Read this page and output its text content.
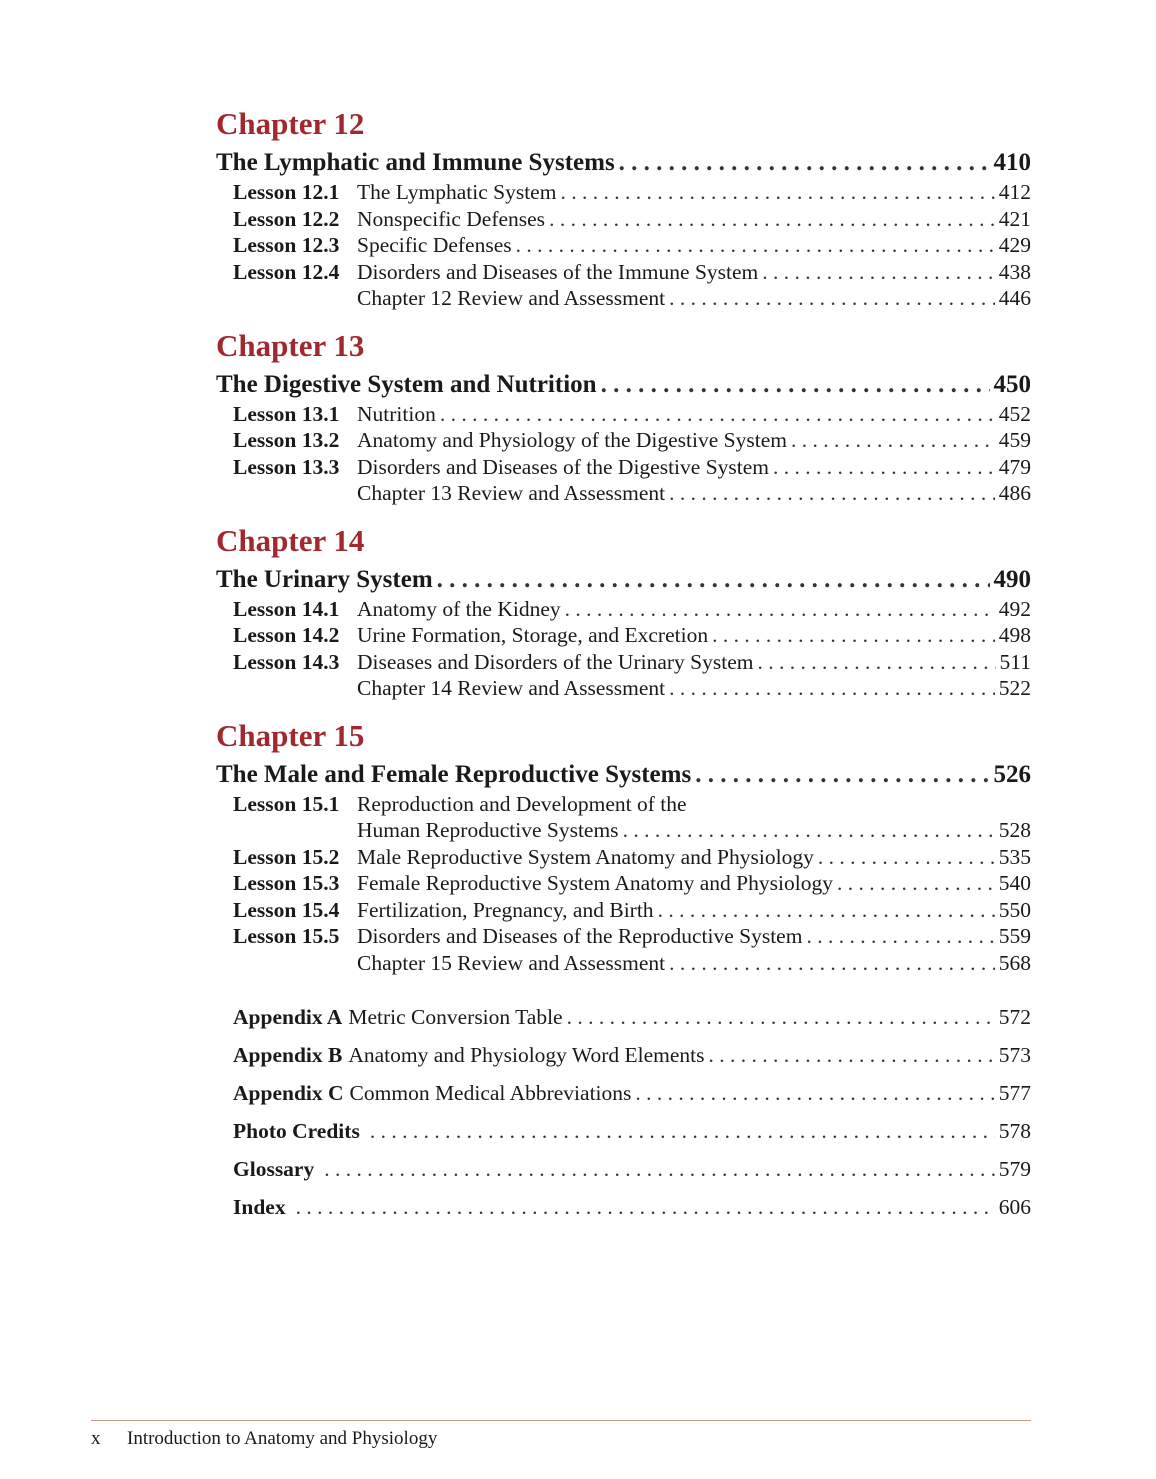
Chapter 12
The Lymphatic and Immune Systems . . .	410
Lesson 12.1 The Lymphatic System . . .	412
Lesson 12.2 Nonspecific Defenses . . .	421
Lesson 12.3 Specific Defenses . . .	429
Lesson 12.4 Disorders and Diseases of the Immune System . . .	438
Chapter 12 Review and Assessment . . .	446
Chapter 13
The Digestive System and Nutrition . . .	450
Lesson 13.1 Nutrition . . .	452
Lesson 13.2 Anatomy and Physiology of the Digestive System . . .	459
Lesson 13.3 Disorders and Diseases of the Digestive System . . .	479
Chapter 13 Review and Assessment . . .	486
Chapter 14
The Urinary System . . .	490
Lesson 14.1 Anatomy of the Kidney . . .	492
Lesson 14.2 Urine Formation, Storage, and Excretion . . .	498
Lesson 14.3 Diseases and Disorders of the Urinary System . . .	511
Chapter 14 Review and Assessment . . .	522
Chapter 15
The Male and Female Reproductive Systems . . .	526
Lesson 15.1 Reproduction and Development of the
Human Reproductive Systems . . .	528
Lesson 15.2 Male Reproductive System Anatomy and Physiology . . .	535
Lesson 15.3 Female Reproductive System Anatomy and Physiology . . .	540
Lesson 15.4 Fertilization, Pregnancy, and Birth . . .	550
Lesson 15.5 Disorders and Diseases of the Reproductive System . . .	559
Chapter 15 Review and Assessment . . .	568
Appendix A Metric Conversion Table . . .	572
Appendix B Anatomy and Physiology Word Elements . . .	573
Appendix C Common Medical Abbreviations . . .	577
Photo Credits . . .	578
Glossary . . .	579
Index . . .	606
x Introduction to Anatomy and Physiology
